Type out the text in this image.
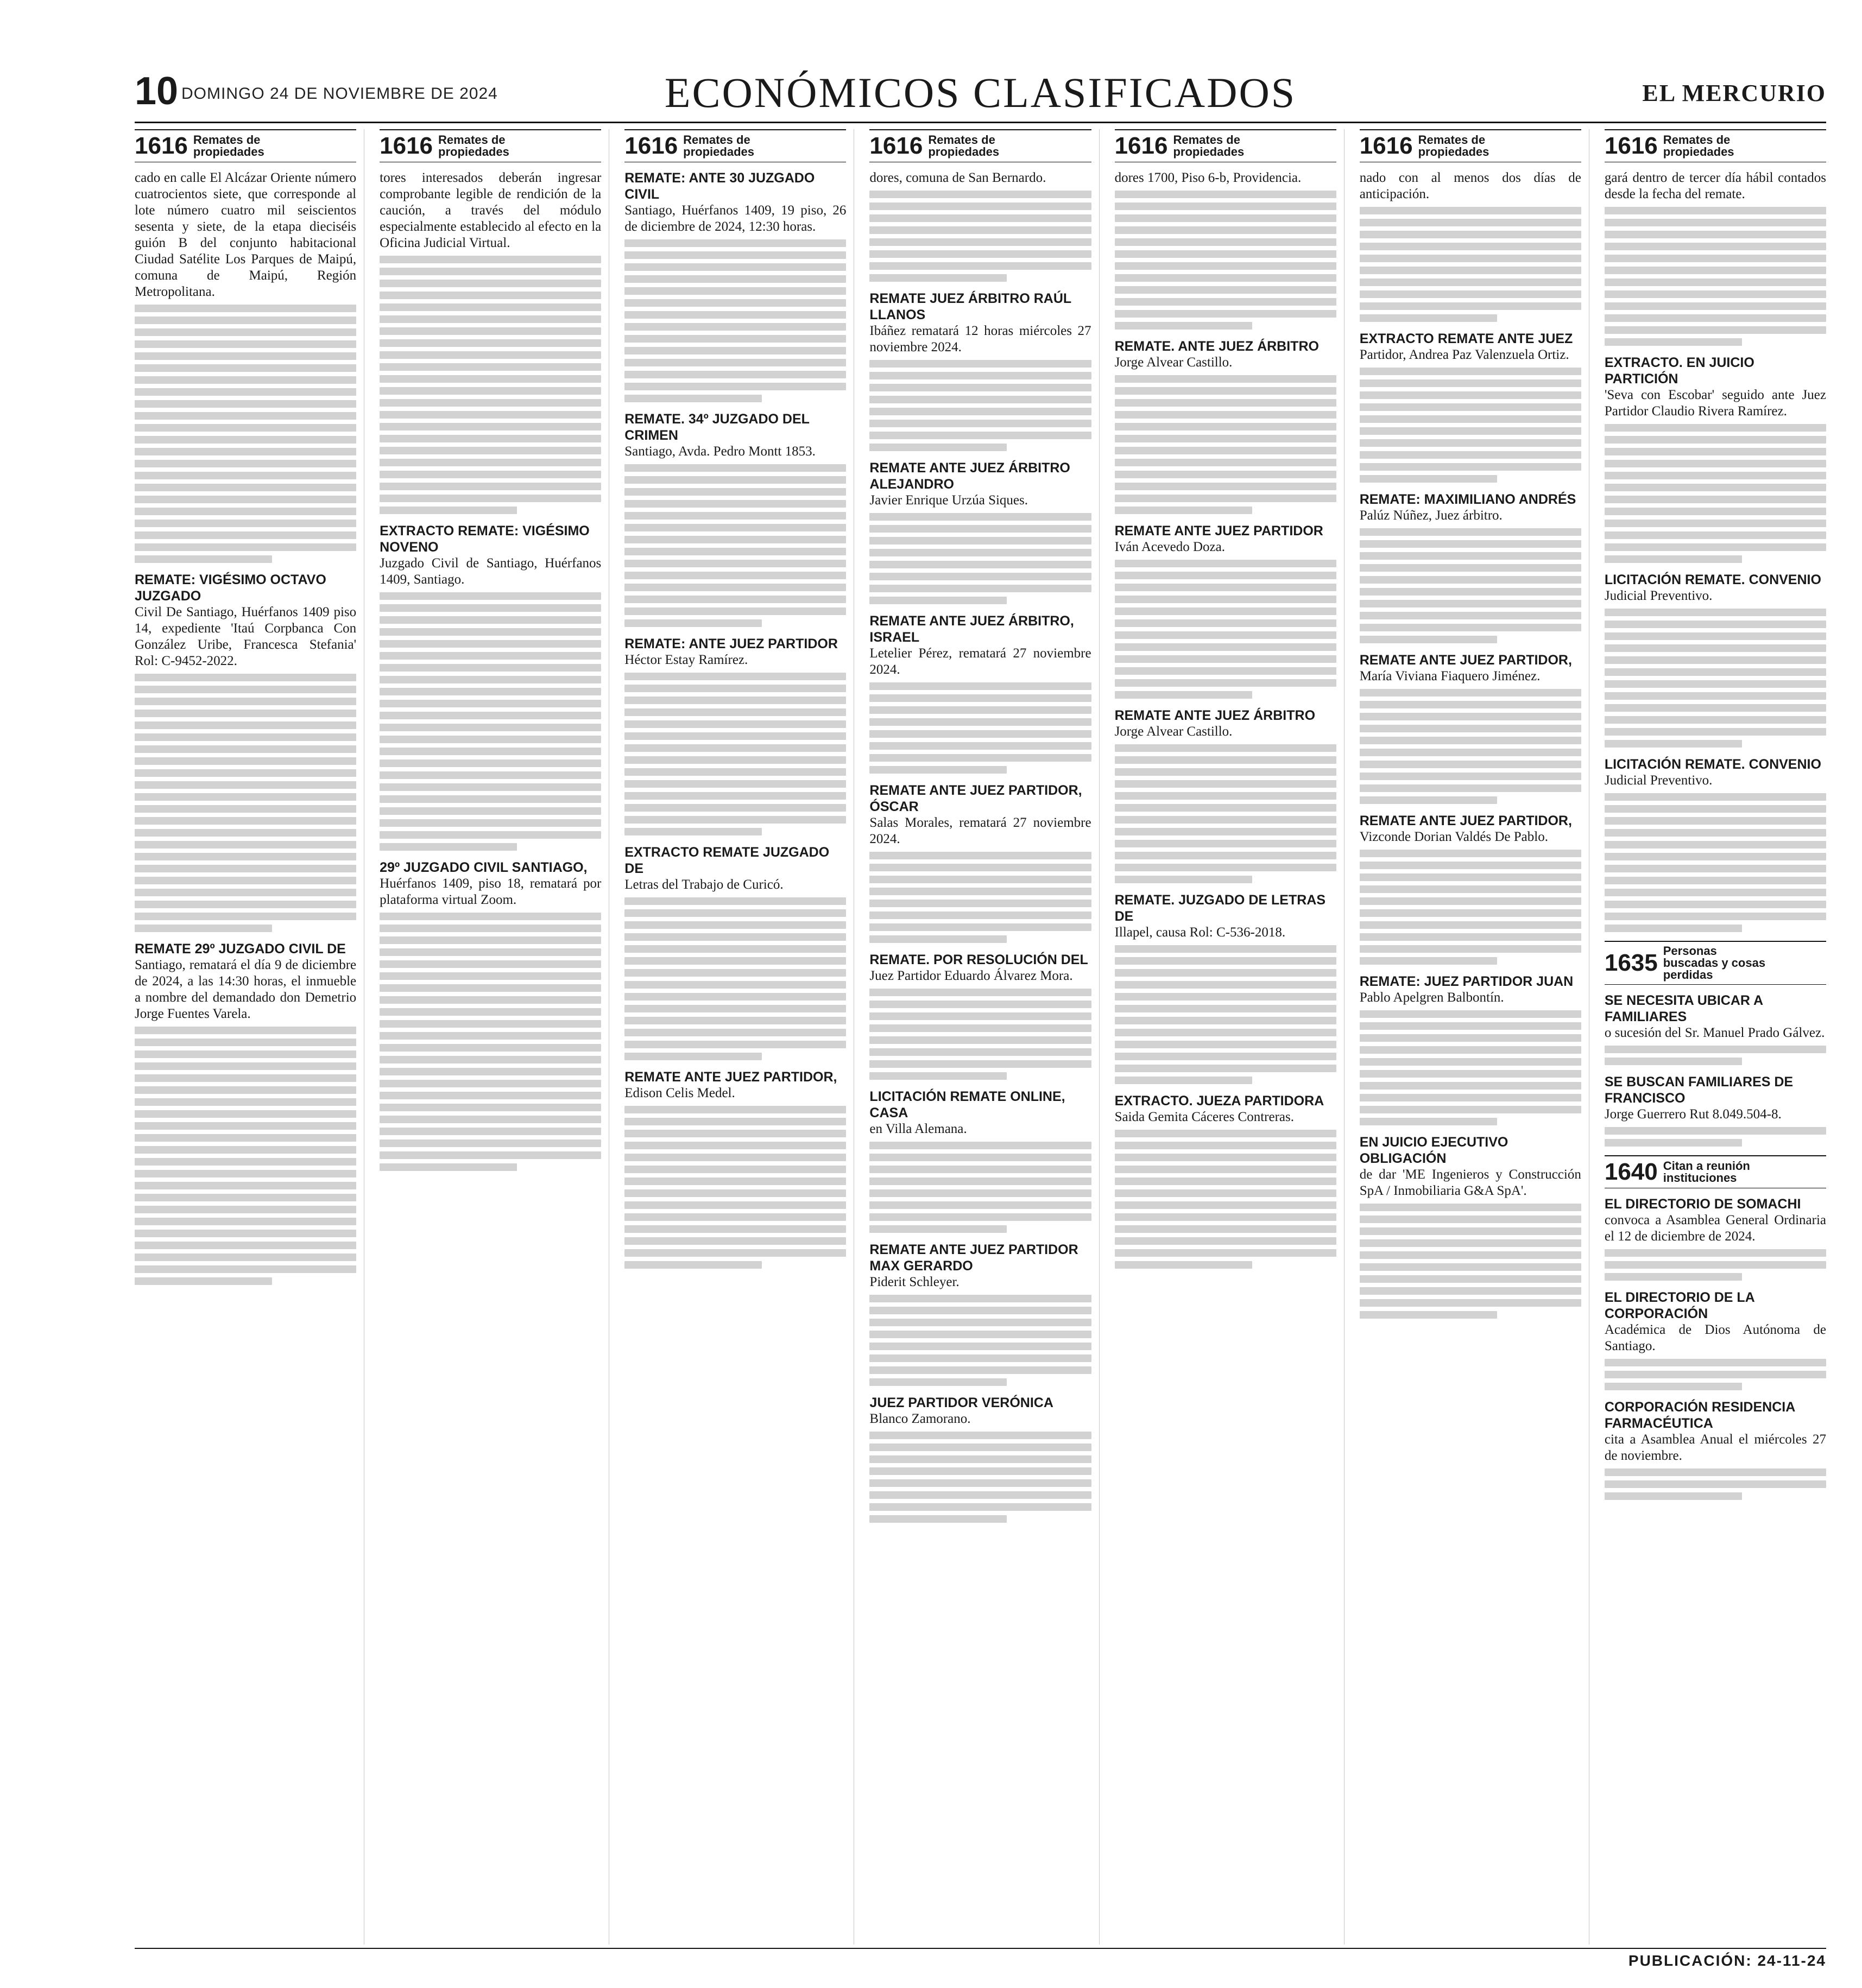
10 DOMINGO 24 DE NOVIEMBRE DE 2024	ECONÓMICOS CLASIFICADOS	EL MERCURIO
1616 Remates de propiedades
cado en calle El Alcázar Oriente número cuatrocientos siete, que corresponde al lote número cuatro mil seiscientos sesenta y siete, de la etapa dieciséis guión B del conjunto habitacional Ciudad Satélite Los Parques de Maipú, comuna de Maipú, Región Metropolitana.
REMATE: VIGÉSIMO OCTAVO JUZGADO
Civil De Santiago, Huérfanos 1409 piso 14, expediente 'Itaú Corpbanca Con González Uribe, Francesca Stefania' Rol: C-9452-2022.
REMATE 29º JUZGADO CIVIL DE
Santiago, rematará el día 9 de diciembre de 2024, a las 14:30 horas, el inmueble a nombre del demandado don Demetrio Jorge Fuentes Varela.
1616 Remates de propiedades
tores interesados deberán ingresar comprobante legible de rendición de la caución, a través del módulo especialmente establecido al efecto en la Oficina Judicial Virtual.
EXTRACTO REMATE: VIGÉSIMO NOVENO
Juzgado Civil de Santiago, Huérfanos 1409, Santiago.
29º JUZGADO CIVIL SANTIAGO,
Huérfanos 1409, piso 18, rematará por plataforma virtual Zoom.
1616 Remates de propiedades
REMATE: ANTE 30 JUZGADO CIVIL
Santiago, Huérfanos 1409, 19 piso, 26 de diciembre de 2024, 12:30 horas.
REMATE. 34º JUZGADO DEL CRIMEN
Santiago, Avda. Pedro Montt 1853.
REMATE: ANTE JUEZ PARTIDOR
Héctor Estay Ramírez.
EXTRACTO REMATE JUZGADO DE
Letras del Trabajo de Curicó.
REMATE ANTE JUEZ PARTIDOR,
Edison Celis Medel.
1616 Remates de propiedades
dores, comuna de San Bernardo.
REMATE JUEZ ÁRBITRO RAÚL LLANOS
Ibáñez rematará 12 horas miércoles 27 noviembre 2024.
REMATE ANTE JUEZ ÁRBITRO ALEJANDRO
Javier Enrique Urzúa Siques.
REMATE ANTE JUEZ ÁRBITRO, ISRAEL
Letelier Pérez, rematará 27 noviembre 2024.
REMATE ANTE JUEZ PARTIDOR, ÓSCAR
Salas Morales, rematará 27 noviembre 2024.
REMATE. POR RESOLUCIÓN DEL
Juez Partidor Eduardo Álvarez Mora.
LICITACIÓN REMATE ONLINE, CASA
en Villa Alemana.
REMATE ANTE JUEZ PARTIDOR MAX GERARDO
Piderit Schleyer.
JUEZ PARTIDOR VERÓNICA
Blanco Zamorano.
1616 Remates de propiedades
dores 1700, Piso 6-b, Providencia.
REMATE. ANTE JUEZ ÁRBITRO
Jorge Alvear Castillo.
REMATE ANTE JUEZ PARTIDOR
Iván Acevedo Doza.
REMATE ANTE JUEZ ÁRBITRO
Jorge Alvear Castillo.
REMATE. JUZGADO DE LETRAS DE
Illapel, causa Rol: C-536-2018.
EXTRACTO. JUEZA PARTIDORA
Saida Gemita Cáceres Contreras.
1616 Remates de propiedades
nado con al menos dos días de anticipación.
EXTRACTO REMATE ANTE JUEZ
Partidor, Andrea Paz Valenzuela Ortiz.
REMATE: MAXIMILIANO ANDRÉS
Palúz Núñez, Juez árbitro.
REMATE ANTE JUEZ PARTIDOR,
María Viviana Fiaquero Jiménez.
REMATE ANTE JUEZ PARTIDOR,
Vizconde Dorian Valdés De Pablo.
REMATE: JUEZ PARTIDOR JUAN
Pablo Apelgren Balbontín.
EN JUICIO EJECUTIVO OBLIGACIÓN
de dar 'ME Ingenieros y Construcción SpA / Inmobiliaria G&A SpA'.
1616 Remates de propiedades
gará dentro de tercer día hábil contados desde la fecha del remate.
EXTRACTO. EN JUICIO PARTICIÓN
'Seva con Escobar' seguido ante Juez Partidor Claudio Rivera Ramírez.
LICITACIÓN REMATE. CONVENIO
Judicial Preventivo.
LICITACIÓN REMATE. CONVENIO
Judicial Preventivo.
1635 Personas buscadas y cosas perdidas
SE NECESITA UBICAR A FAMILIARES
o sucesión del Sr. Manuel Prado Gálvez.
SE BUSCAN FAMILIARES DE FRANCISCO
Jorge Guerrero Rut 8.049.504-8.
1640 Citan a reunión instituciones
EL DIRECTORIO DE SOMACHI
convoca a Asamblea General Ordinaria el 12 de diciembre de 2024.
EL DIRECTORIO DE LA CORPORACIÓN
Académica de Dios Autónoma de Santiago.
CORPORACIÓN RESIDENCIA FARMACÉUTICA
cita a Asamblea Anual el miércoles 27 de noviembre.
PUBLICACIÓN: 24-11-24
